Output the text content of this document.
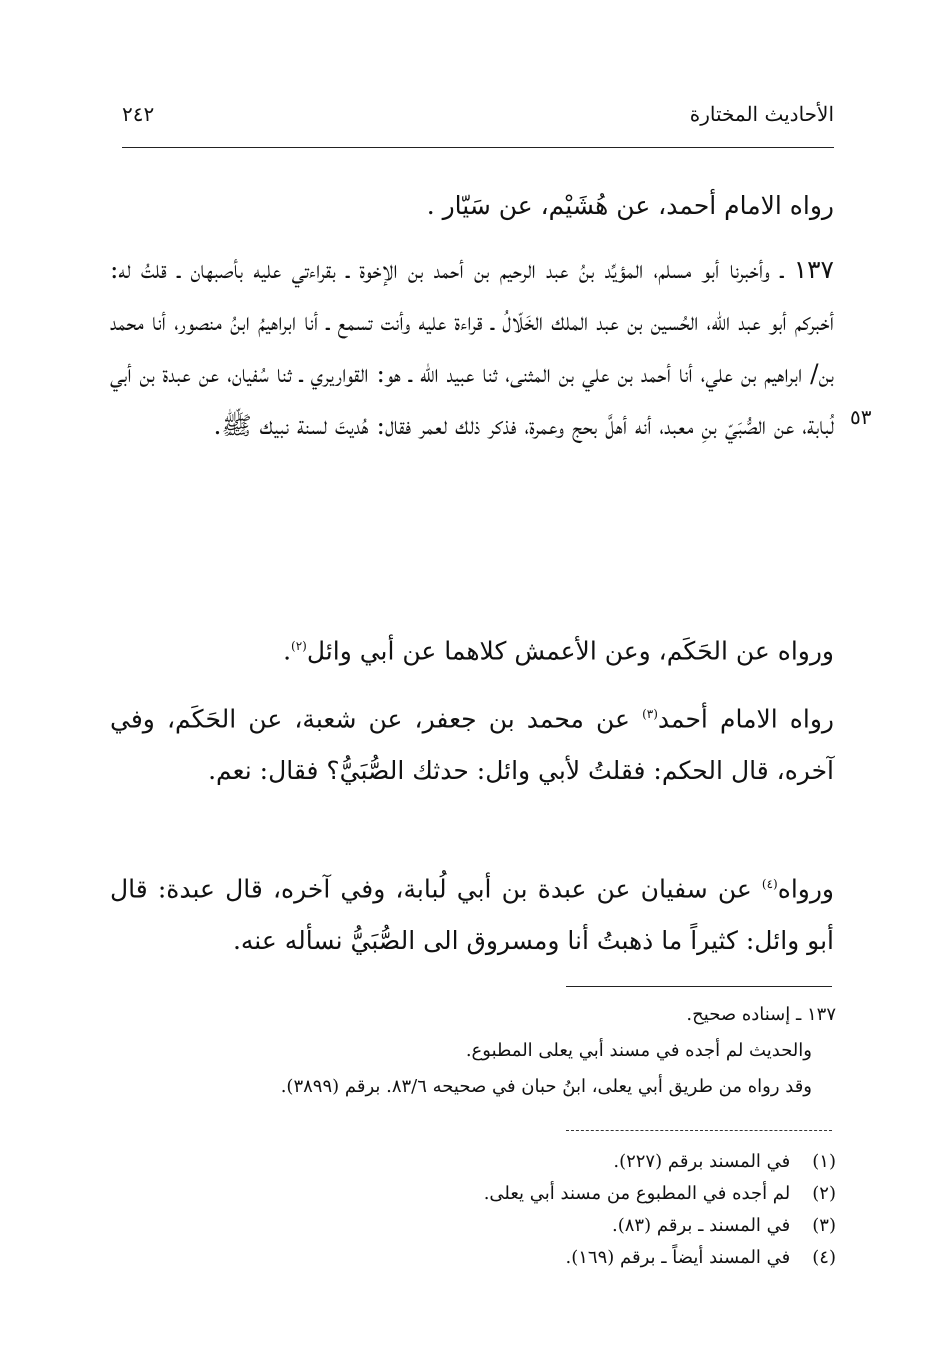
٢٤٢	الأحاديث المختارة
رواه الامام أحمد، عن هُشَيْم، عن سَيّار .
١٣٧ ـ وأخبرنا أبو مسلم، المؤيِّد بنُ عبد الرحيم بن أحمد بن الإخوة ـ بقراءتي عليه بأصبهان ـ قلتُ له: أخبركم أبو عبد الله، الحُسين بن عبد الملك الخَلّالُ ـ قراءة عليه وأنت تسمع ـ أنا ابراهيمُ ابنُ منصور، أنا محمد بن/ ابراهيم بن علي، أنا أحمد بن علي بن المثنى، ثنا عبيد الله ـ هو: القواريري ـ ثنا سُفيان، عن عبدة بن أبي لُبابة، عن الصُّبَيّ بنِ معبد، أنه أهلَّ بحج وعمرة، فذكر ذلك لعمر فقال: هُديتَ لسنة نبيك ﷺ. ٥٣
ورواه عن الحَكَم، وعن الأعمش كلاهما عن أبي وائل$^{(٢)}$.
رواه الامام أحمد$^{(٣)}$ عن محمد بن جعفر، عن شعبة، عن الحَكَم، وفي آخره، قال الحكم: فقلتُ لأبي وائل: حدثك الصُّبَيُّ؟ فقال: نعم.
ورواه$^{(٤)}$ عن سفيان عن عبدة بن أبي لُبابة، وفي آخره، قال عبدة: قال أبو وائل: كثيراً ما ذهبتُ أنا ومسروق الى الصُّبَيُّ نسأله عنه.
١٣٧ ـ إسناده صحيح.
والحديث لم أجده في مسند أبي يعلى المطبوع.
وقد رواه من طريق أبي يعلى، ابنُ حبان في صحيحه ٨٣/٦. برقم (٣٨٩٩).
(١) في المسند برقم (٢٢٧).
(٢) لم أجده في المطبوع من مسند أبي يعلى.
(٣) في المسند ـ برقم (٨٣).
(٤) في المسند أيضاً ـ برقم (١٦٩).
